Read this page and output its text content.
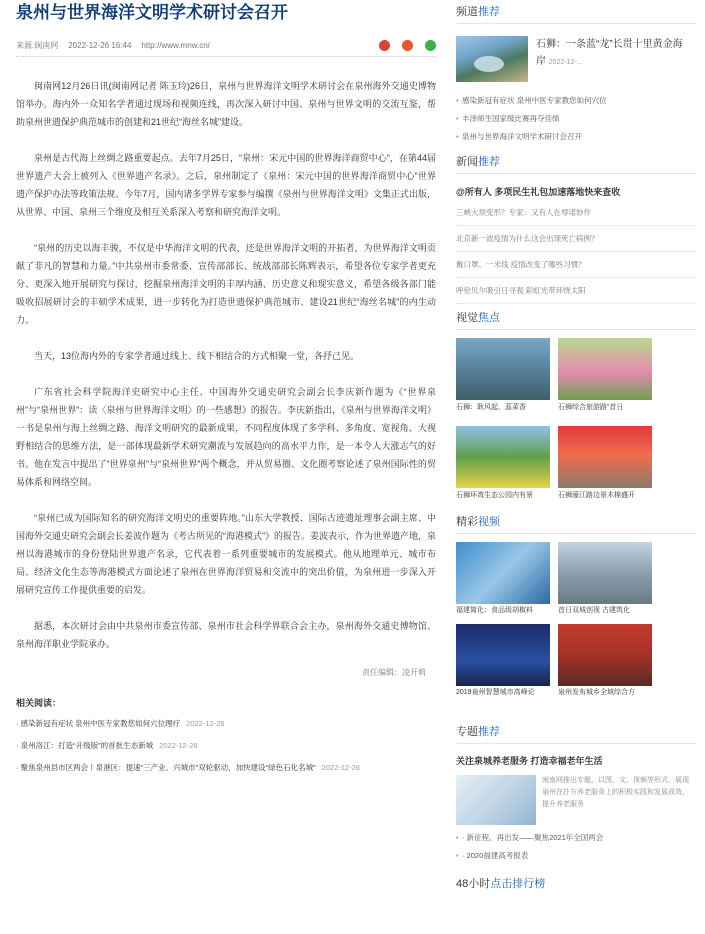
泉州与世界海洋文明学术研讨会召开
来源:闽南网 2022-12-26 16:44 http://www.mnw.cn/

闽南网12月26日讯(闽南网记者 陈玉玲)26日，泉州与世界海洋文明学术研讨会在泉州海外交通史博物馆举办。海内外一众知名学者通过现场和视频连线，再次深入研讨中国、泉州与世界文明的交流互鉴，帮助泉州世遗保护典范城市的创建和21世纪“海丝名城”建设。

泉州是古代海上丝绸之路重要起点。去年7月25日，“泉州：宋元中国的世界海洋商贸中心”，在第44届世界遗产大会上被列入《世界遗产名录》。之后，泉州制定了《泉州：宋元中国的世界海洋商贸中心”世界遗产保护办法等政策法规。今年7月，国内诸多学界专家参与编撰《泉州与世界海洋文明》文集正式出版，从世界、中国、泉州三个维度及相互关系深入考察和研究海洋文明。

“泉州的历史以海丰骏，不仅是中华海洋文明的代表，还是世界海洋文明的开拓者，为世界海洋文明贡献了非凡的智慧和力量。”中共泉州市委常委、宣传部部长、统战部部长陈辉表示，希望各位专家学者更充分、更深入地开展研究与探讨，挖掘泉州海洋文明的丰厚内涵、历史意义和现实意义，希望各级各部门能吸收招展研讨会的丰硕学术成果，进一步转化为打造世遗保护典范城市、建设21世纪“海丝名城”的内生动力。

当天，13位海内外的专家学者通过线上、线下相结合的方式相聚一堂，各抒己见。

广东省社会科学院海洋史研究中心主任、中国海外交通史研究会副会长李庆新作题为《“世界泉州”与“泉州世界”：读〈泉州与世界海洋文明〉的一些感想》的报告。李庆新指出，《泉州与世界海洋文明》一书是泉州与海上丝绸之路、海洋文明研究的最新成果，不同程度体现了多学科、多角度、宽视角、大视野相结合的思维方法，是一部体现最新学术研究潮流与发展趋向的高水平力作，是一本令人大涨志气的好书。他在发言中提出了“世界泉州”与“泉州世界”两个概念，并从贸易圈、文化圈考察论述了泉州国际性的贸易体系和网络空间。

“泉州已成为国际知名的研究海洋文明史的重要阵地。”山东大学教授、国际古迹遗址理事会副主席、中国海外交通史研究会副会长姜波作题为《考古所见的“海港模式”》的报告。姜波表示，作为世界遗产地，泉州以海港城市的身份登陆世界遗产名录，它代表着一系列重要城市的发展模式。他从地理单元、城市布局、经济文化生态等海港模式方面论述了泉州在世界海洋贸易和交流中的突出价值，为泉州进一步深入开展研究宣传工作提供重要的启发。

据悉，本次研讨会由中共泉州市委宣传部、泉州市社会科学界联合会主办，泉州海外交通史博物馆、泉州海洋职业学院承办。

责任编辑：凌开莉
相关阅读：
· 感染新冠有症状 泉州中医专家教您如何穴位理疗 2022-12-26
· 泉州洛江：打造“升级版”的首批生态新城 2022-12-26
· 聚焦泉州县市区两会丨泉港区：提速“三产业、兴城市”双轮驱动，加快建设“绿色石化名城” 2022-12-26
频道推荐
石狮：一条蓝“龙”长贯十里黄金海岸 2022-12-...
• 感染新冠有症状 泉州中医专家教您如何穴位
• 丰泽师生国家级比赛再夺佳绩
• 泉州与世界海洋文明学术研讨会召开
新闻推荐
@所有人 多项民生礼包加速落地快来查收
三峡大坝变形？专家：又有人在辱诺妙作
北京新一波疫情为什么这会出现死亡病例？
戴口罩、一米线 疫情改变了哪些习惯？
呼伦贝尔吸引日寻观 彩虹光带环绕太阳
视觉焦点
石狮：耿风起，蕊菜香	石狮综合旅游路“首日
石狮环湾生态公园内有景	石狮濠江路边景木棉盛开
精彩视频
福建简化：食品级胡椒料	首日双城创视 古建筑化
2019泉州智慧城市高峰论	泉州发布城乡全域综合方
专题推荐
关注泉城养老服务 打造幸福老年生活
闽南网推出专题，以图、文、视频等形式，展现泉州在扑方养老服务上的积极实践和发展成效，提升养老服务
• · 新征程、再出发——聚焦2021年全国两会
• · 2020福建高考报表
48小时点击排行榜
